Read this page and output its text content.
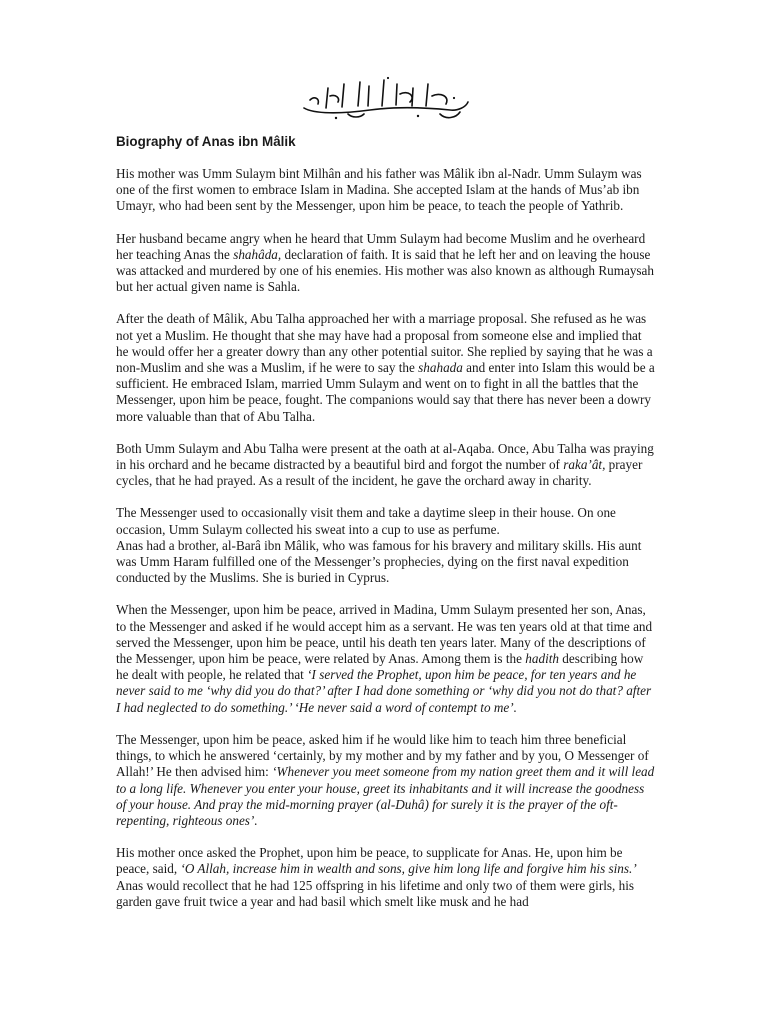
Biography of Anas ibn Mâlik

His mother was Umm Sulaym bint Milhân and his father was Mâlik ibn al-Nadr. Umm Sulaym was one of the first women to embrace Islam in Madina. She accepted Islam at the hands of Mus’ab ibn Umayr, who had been sent by the Messenger, upon him be peace, to teach the people of Yathrib.

Her husband became angry when he heard that Umm Sulaym had become Muslim and he overheard her teaching Anas the shahâda, declaration of faith. It is said that he left her and on leaving the house was attacked and murdered by one of his enemies. His mother was also known as although Rumaysah but her actual given name is Sahla.

After the death of Mâlik, Abu Talha approached her with a marriage proposal. She refused as he was not yet a Muslim. He thought that she may have had a proposal from someone else and implied that he would offer her a greater dowry than any other potential suitor. She replied by saying that he was a non-Muslim and she was a Muslim, if he were to say the shahada and enter into Islam this would be a sufficient. He embraced Islam, married Umm Sulaym and went on to fight in all the battles that the Messenger, upon him be peace, fought. The companions would say that there has never been a dowry more valuable than that of Abu Talha.

Both Umm Sulaym and Abu Talha were present at the oath at al-Aqaba. Once, Abu Talha was praying in his orchard and he became distracted by a beautiful bird and forgot the number of raka’ât, prayer cycles, that he had prayed. As a result of the incident, he gave the orchard away in charity.

The Messenger used to occasionally visit them and take a daytime sleep in their house. On one occasion, Umm Sulaym collected his sweat into a cup to use as perfume.

Anas had a brother, al-Barâ ibn Mâlik, who was famous for his bravery and military skills. His aunt was Umm Haram fulfilled one of the Messenger’s prophecies, dying on the first naval expedition conducted by the Muslims. She is buried in Cyprus.

When the Messenger, upon him be peace, arrived in Madina, Umm Sulaym presented her son, Anas, to the Messenger and asked if he would accept him as a servant. He was ten years old at that time and served the Messenger, upon him be peace, until his death ten years later. Many of the descriptions of the Messenger, upon him be peace, were related by Anas. Among them is the hadith describing how he dealt with people, he related that ‘I served the Prophet, upon him be peace, for ten years and he never said to me ‘why did you do that?’ after I had done something or ‘why did you not do that? after I had neglected to do something.’ ‘He never said a word of contempt to me’.

The Messenger, upon him be peace, asked him if he would like him to teach him three beneficial things, to which he answered ‘certainly, by my mother and by my father and by you, O Messenger of Allah!’ He then advised him: ‘Whenever you meet someone from my nation greet them and it will lead to a long life. Whenever you enter your house, greet its inhabitants and it will increase the goodness of your house. And pray the mid-morning prayer (al-Duhâ) for surely it is the prayer of the oft- repenting, righteous ones’.

His mother once asked the Prophet, upon him be peace, to supplicate for Anas. He, upon him be peace, said, ‘O Allah, increase him in wealth and sons, give him long life and forgive him his sins.’ Anas would recollect that he had 125 offspring in his lifetime and only two of them were girls, his garden gave fruit twice a year and had basil which smelt like musk and he had
